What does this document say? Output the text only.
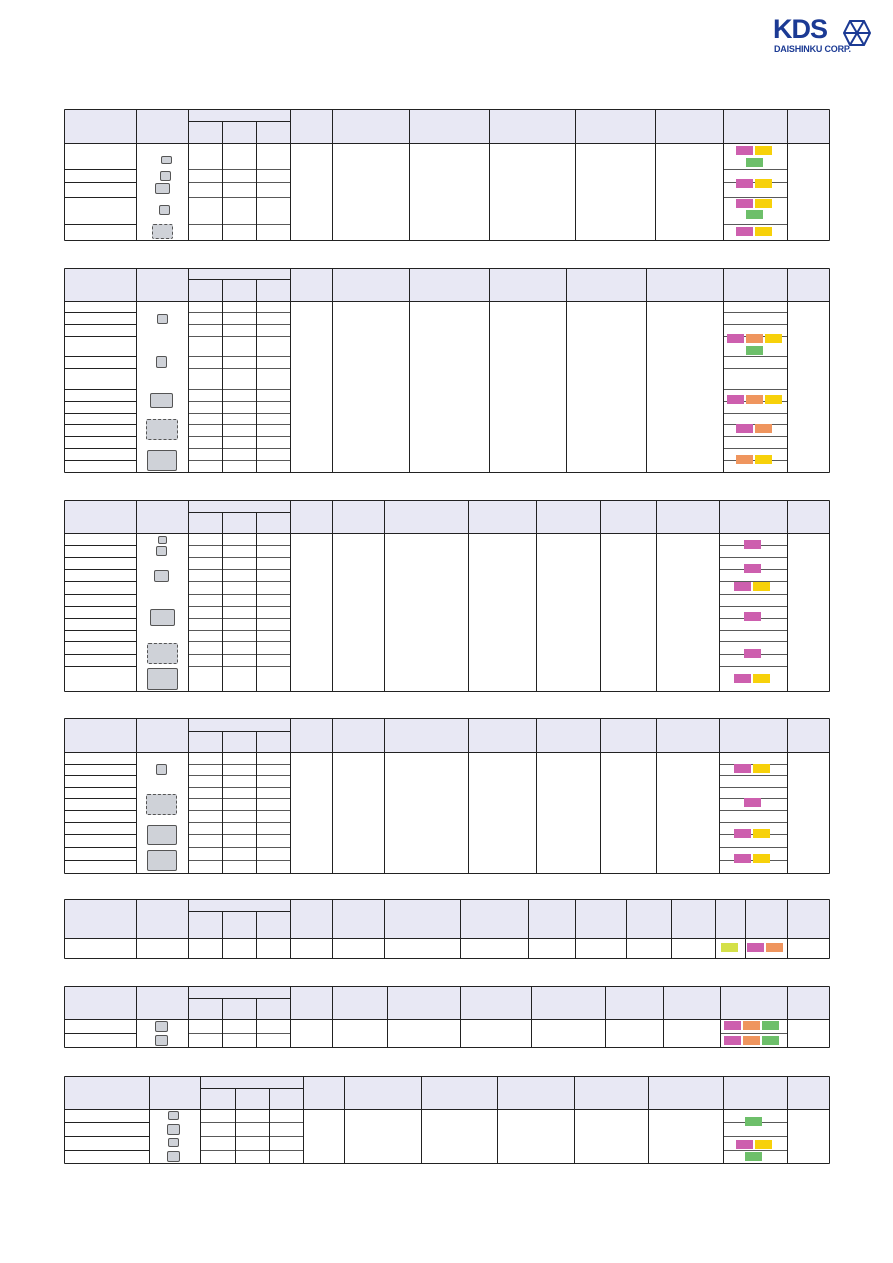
KDS
DAISHINKU CORP.
